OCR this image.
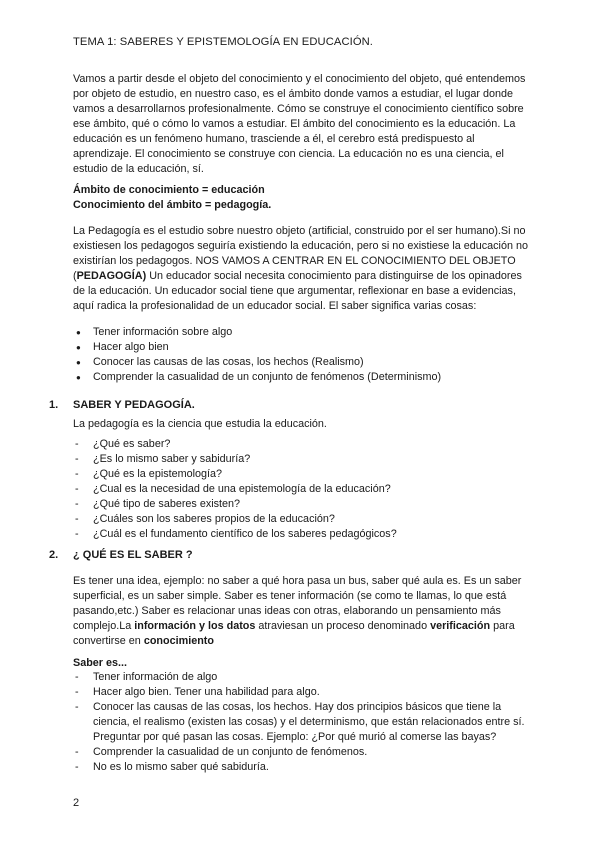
TEMA 1: SABERES Y EPISTEMOLOGÍA EN EDUCACIÓN.

Vamos a partir desde el objeto del conocimiento y el conocimiento del objeto, qué entendemos por objeto de estudio, en nuestro caso, es el ámbito donde vamos a estudiar, el lugar donde vamos a desarrollarnos profesionalmente. Cómo se construye el conocimiento científico sobre ese ámbito, qué o cómo lo vamos a estudiar. El ámbito del conocimiento es la educación. La educación es un fenómeno humano, trasciende a él, el cerebro está predispuesto al aprendizaje. El conocimiento se construye con ciencia. La educación no es una ciencia, el estudio de la educación, sí.

Ámbito de conocimiento = educación

Conocimiento del ámbito = pedagogía.

La Pedagogía es el estudio sobre nuestro objeto (artificial, construido por el ser humano).Si no existiesen los pedagogos seguiría existiendo la educación, pero si no existiese la educación no existirían los pedagogos. NOS VAMOS A CENTRAR EN EL CONOCIMIENTO DEL OBJETO (PEDAGOGÍA) Un educador social necesita conocimiento para distinguirse de los opinadores de la educación. Un educador social tiene que argumentar, reflexionar en base a evidencias, aquí radica la profesionalidad de un educador social. El saber significa varias cosas:

● Tener información sobre algo
● Hacer algo bien
● Conocer las causas de las cosas, los hechos (Realismo)
● Comprender la casualidad de un conjunto de fenómenos (Determinismo)
1. SABER Y PEDAGOGÍA.
La pedagogía es la ciencia que estudia la educación.
- ¿Qué es saber?
- ¿Es lo mismo saber y sabiduría?
- ¿Qué es la epistemología?
- ¿Cual es la necesidad de una epistemología de la educación?
- ¿Qué tipo de saberes existen?
- ¿Cuáles son los saberes propios de la educación?
- ¿Cuál es el fundamento científico de los saberes pedagógicos?
2. ¿ QUÉ ES EL SABER ?

Es tener una idea, ejemplo: no saber a qué hora pasa un bus, saber qué aula es. Es un saber superficial, es un saber simple. Saber es tener información (se como te llamas, lo que está pasando,etc.) Saber es relacionar unas ideas con otras, elaborando un pensamiento más complejo.La información y los datos atraviesan un proceso denominado verificación para convertirse en conocimiento

Saber es...
- Tener información de algo
- Hacer algo bien. Tener una habilidad para algo.
- Conocer las causas de las cosas, los hechos. Hay dos principios básicos que tiene la ciencia, el realismo (existen las cosas) y el determinismo, que están relacionados entre sí. Preguntar por qué pasan las cosas. Ejemplo: ¿Por qué murió al comerse las bayas?
- Comprender la casualidad de un conjunto de fenómenos.
- No es lo mismo saber qué sabiduría.
2
